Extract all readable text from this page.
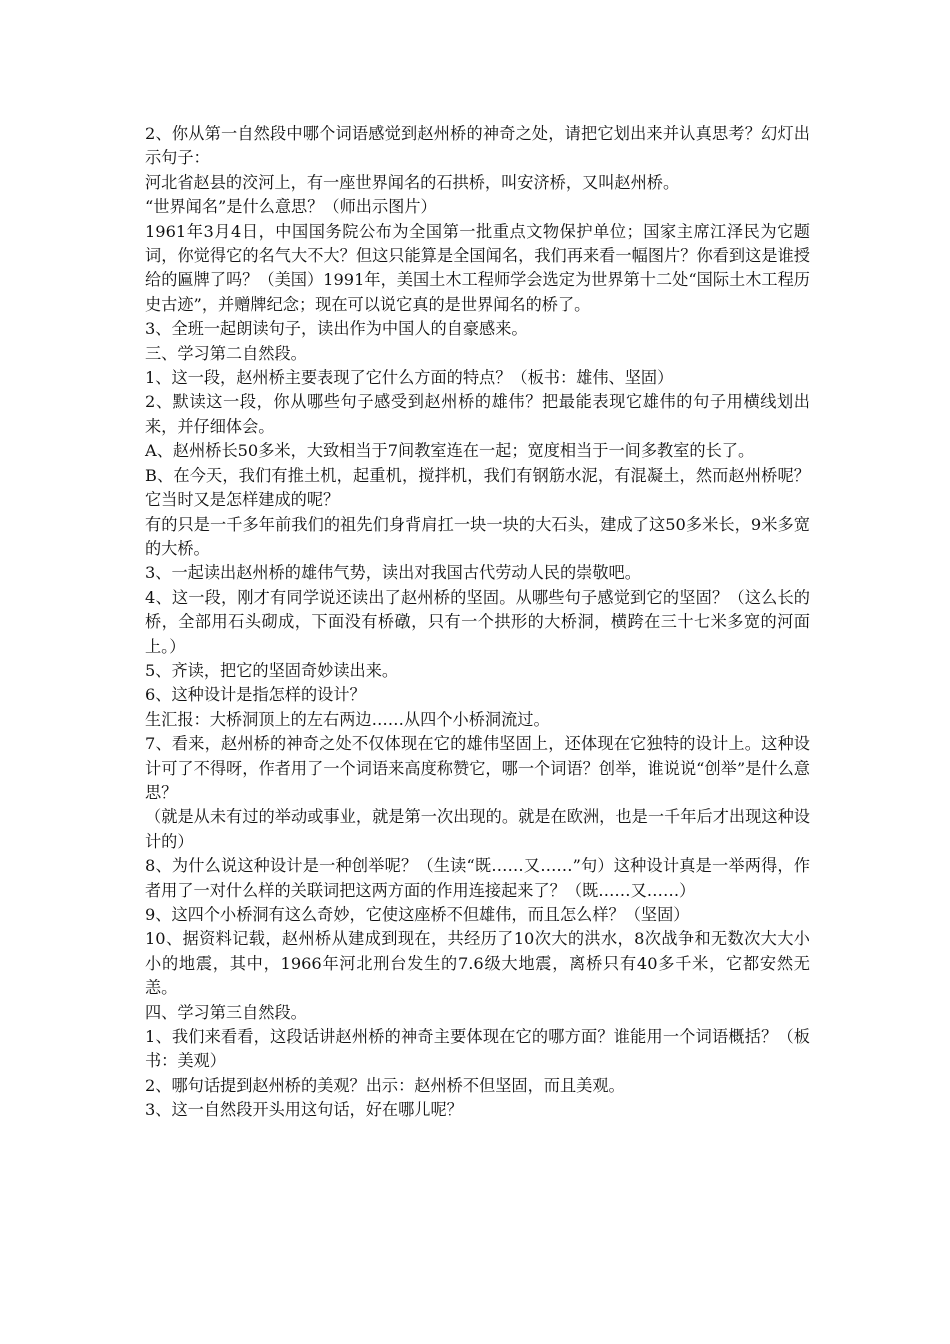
2、你从第一自然段中哪个词语感觉到赵州桥的神奇之处，请把它划出来并认真思考？幻灯出示句子：

河北省赵县的洨河上，有一座世界闻名的石拱桥，叫安济桥，又叫赵州桥。

“世界闻名”是什么意思？（师出示图片）

1961年3月4日，中国国务院公布为全国第一批重点文物保护单位；国家主席江泽民为它题词，你觉得它的名气大不大？但这只能算是全国闻名，我们再来看一幅图片？你看到这是谁授给的匾牌了吗？（美国）1991年，美国土木工程师学会选定为世界第十二处“国际土木工程历史古迹”，并赠牌纪念；现在可以说它真的是世界闻名的桥了。

3、全班一起朗读句子，读出作为中国人的自豪感来。

三、学习第二自然段。

1、这一段，赵州桥主要表现了它什么方面的特点？（板书：雄伟、坚固）

2、默读这一段，你从哪些句子感受到赵州桥的雄伟？把最能表现它雄伟的句子用横线划出来，并仔细体会。

A、赵州桥长50多米，大致相当于7间教室连在一起；宽度相当于一间多教室的长了。

B、在今天，我们有推土机，起重机，搅拌机，我们有钢筋水泥，有混凝土，然而赵州桥呢？它当时又是怎样建成的呢？

有的只是一千多年前我们的祖先们身背肩扛一块一块的大石头，建成了这50多米长，9米多宽的大桥。

3、一起读出赵州桥的雄伟气势，读出对我国古代劳动人民的崇敬吧。

4、这一段，刚才有同学说还读出了赵州桥的坚固。从哪些句子感觉到它的坚固？（这么长的桥，全部用石头砌成，下面没有桥礅，只有一个拱形的大桥洞，横跨在三十七米多宽的河面上。）

5、齐读，把它的坚固奇妙读出来。

6、这种设计是指怎样的设计？

生汇报：大桥洞顶上的左右两边……从四个小桥洞流过。

7、看来，赵州桥的神奇之处不仅体现在它的雄伟坚固上，还体现在它独特的设计上。这种设计可了不得呀，作者用了一个词语来高度称赞它，哪一个词语？创举，谁说说“创举”是什么意思？

（就是从未有过的举动或事业，就是第一次出现的。就是在欧洲，也是一千年后才出现这种设计的）

8、为什么说这种设计是一种创举呢？（生读“既……又……”句）这种设计真是一举两得，作者用了一对什么样的关联词把这两方面的作用连接起来了？（既……又……）

9、这四个小桥洞有这么奇妙，它使这座桥不但雄伟，而且怎么样？（坚固）

10、据资料记载，赵州桥从建成到现在，共经历了10次大的洪水，8次战争和无数次大大小小的地震，其中，1966年河北刑台发生的7.6级大地震，离桥只有40多千米，它都安然无恙。

四、学习第三自然段。

1、我们来看看，这段话讲赵州桥的神奇主要体现在它的哪方面？谁能用一个词语概括？（板书：美观）

2、哪句话提到赵州桥的美观？出示：赵州桥不但坚固，而且美观。

3、这一自然段开头用这句话，好在哪儿呢？
